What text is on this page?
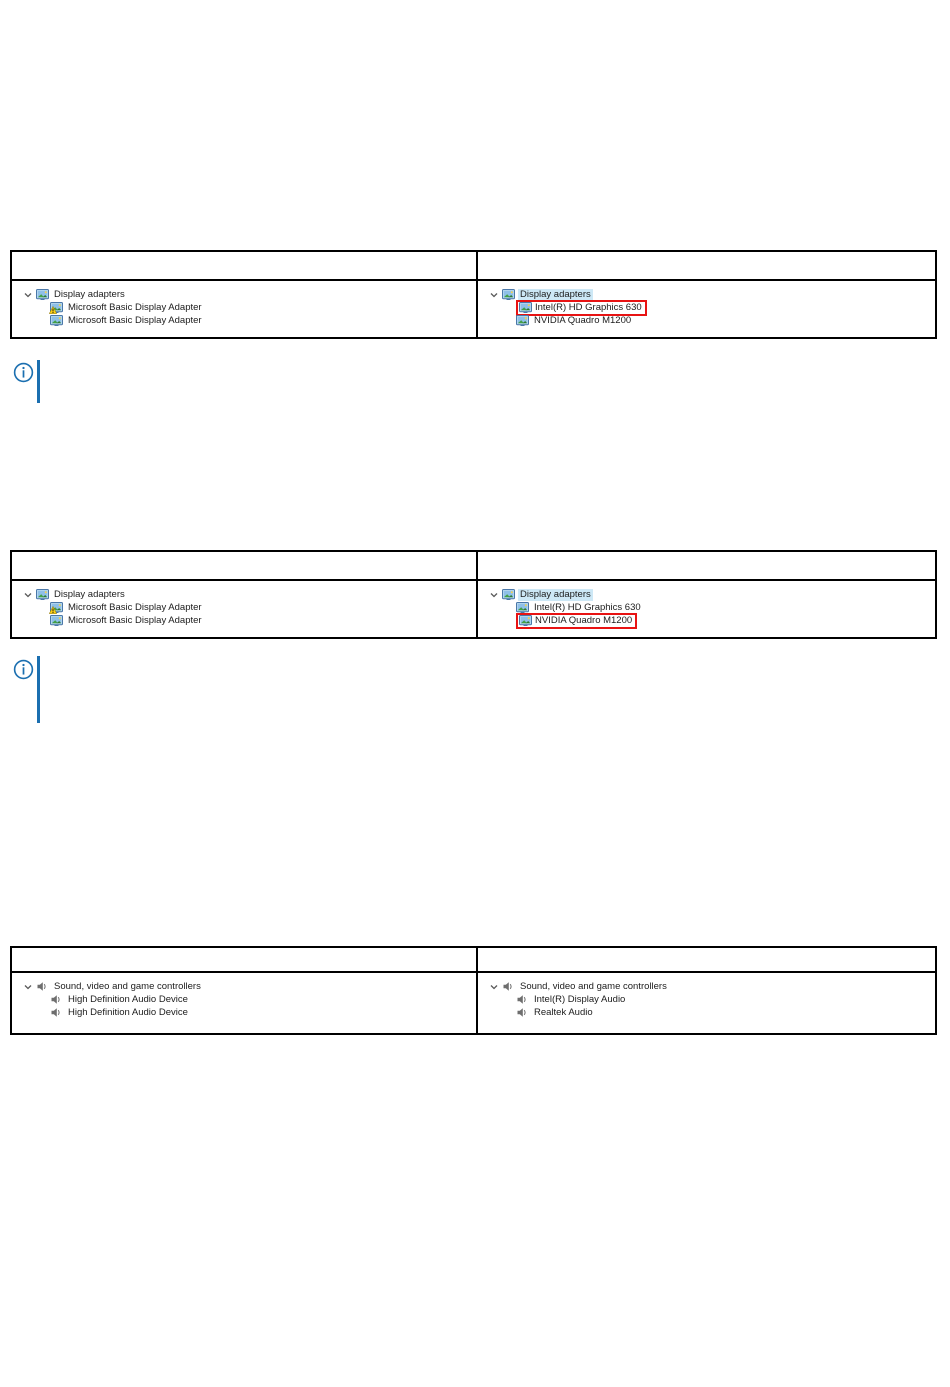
Display adapters
Microsoft Basic Display Adapter
Microsoft Basic Display Adapter
Display adapters
Intel(R) HD Graphics 630
NVIDIA Quadro M1200
Display adapters
Microsoft Basic Display Adapter
Microsoft Basic Display Adapter
Display adapters
Intel(R) HD Graphics 630
NVIDIA Quadro M1200
Sound, video and game controllers
High Definition Audio Device
High Definition Audio Device
Sound, video and game controllers
Intel(R) Display Audio
Realtek Audio
